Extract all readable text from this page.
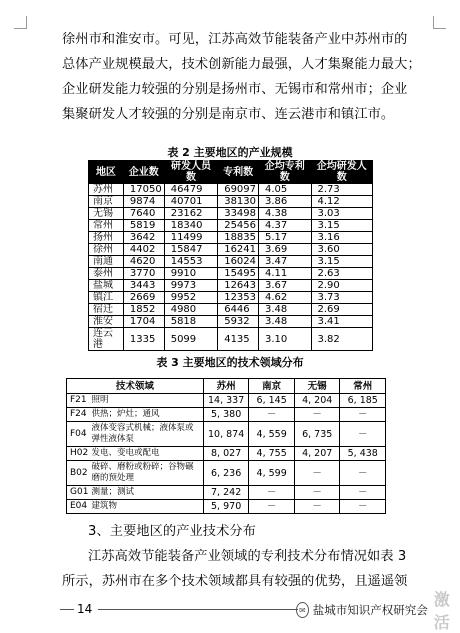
徐州市和淮安市。可见，江苏高效节能装备产业中苏州市的
总体产业规模最大，技术创新能力最强，人才集聚能力最大；
企业研发能力较强的分别是扬州市、无锡市和常州市；企业
集聚研发人才较强的分别是南京市、连云港市和镇江市。
表 2 主要地区的产业规模
地区	企业数	研发人员数	专利数	企均专利数	企均研发人数
苏州	17050	46479	69097	4.05	2.73
南京	9874	40701	38130	3.86	4.12
无锡	7640	23162	33498	4.38	3.03
常州	5819	18340	25456	4.37	3.15
扬州	3642	11499	18835	5.17	3.16
徐州	4402	15847	16241	3.69	3.60
南通	4620	14553	16024	3.47	3.15
泰州	3770	9910	15495	4.11	2.63
盐城	3443	9973	12643	3.67	2.90
镇江	2669	9952	12353	4.62	3.73
宿迁	1852	4980	6446	3.48	2.69
淮安	1704	5818	5932	3.48	3.41
连云港	1335	5099	4135	3.10	3.82
表 3 主要地区的技术领域分布
技术领域		苏州	南京	无锡	常州
F21	照明	14, 337	6, 145	4, 204	6, 185
F24	供热；炉灶；通风	5, 380	－	－	－
F04	液体变容式机械；液体泵或弹性液体泵	10, 874	4, 559	6, 735	－
H02	发电、变电或配电	8, 027	4, 755	4, 207	5, 438
B02	破碎、磨粉或粉碎；谷物碾磨的预处理	6, 236	4, 599	－	－
G01	测量；测试	7, 242	－	－	－
E04	建筑物	5, 970	－	－	－
3、主要地区的产业技术分布
江苏高效节能装备产业领域的专利技术分布情况如表 3
所示，苏州市在多个技术领域都具有较强的优势，且遥遥领
14	✉ 盐城市知识产权研究会
激活
